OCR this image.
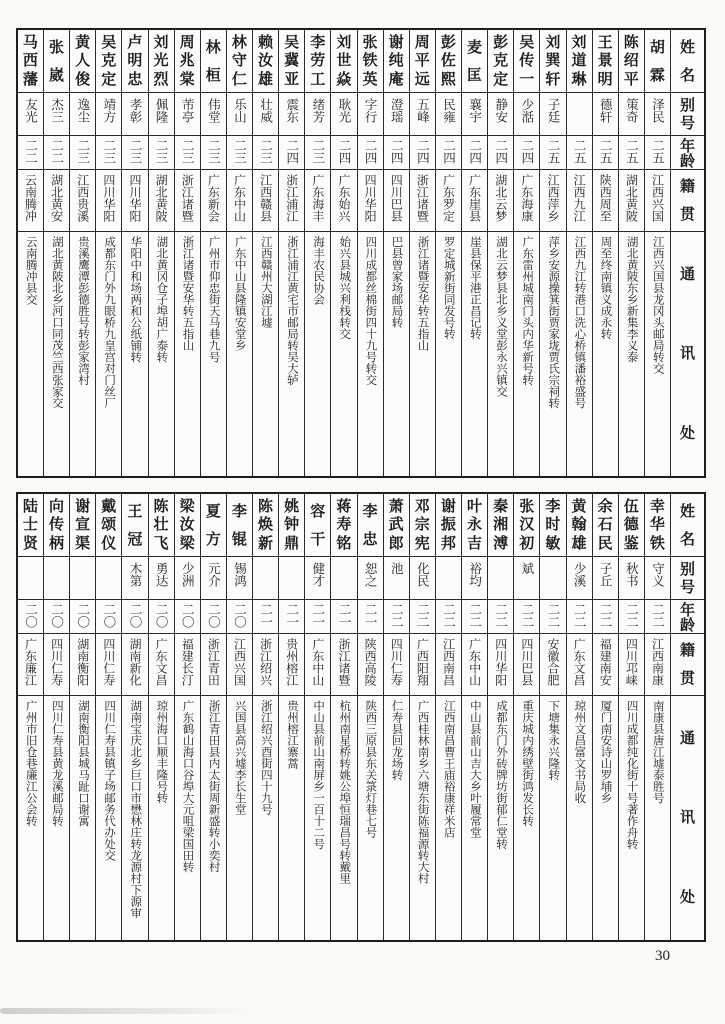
姓
名
别
号
年
龄
籍
贯
通
讯
处
胡
霖
泽民
二五
江西兴国
江西兴国县龙冈头邮局转交
陈
绍
平
策奇
二五
湖北黄陂
湖北黄陂东乡新集李义泰
王
景
明
德轩
二五
陕西周至
周至终南镇义成永转
刘
道
琳
二五
江西九江
江西九江转港口洗心桥镇潘裕盛号
刘
巽
轩
子廷
二五
江西萍乡
萍乡安源操箕街贾家垅贾氏宗祠转
吴
传
一
少湉
二四
广东海康
广东雷州城南门头内华新号转
彭
克
定
静安
二四
湖北云梦
湖北云梦县北乡义堂彭永兴镇交
麦
匡
襄宇
二四
广东崖县
崖县保平港正昌记转
彭
佐
熙
民雍
二四
广东罗定
罗定城新街同发号转
周
平
远
五峰
二四
浙江诸暨
浙江诸暨安华转五指山
谢
纯
庵
澄瑶
二四
四川巴县
巴县曾家场邮局转
张
铁
英
字行
二四
四川华阳
四川成都丝棉街四十九号转交
刘
世
焱
耿光
二四
广东始兴
始兴县城兴利栈转交
李
劳
工
绪芳
二三
广东海丰
海丰农民协会
吴
冀
亚
震东
二四
浙江浦江
浙江浦江黄宅市邮局转吴大轳
赖
汝
雄
壮威
二三
江西赣县
江西赣州大湖江墟
林
守
仁
乐山
二三
广东中山
广东中山县隆镇安堂乡
林
桓
伟堂
二三
广东新会
广州市仰忠街天马巷九号
周
兆
棠
芾亭
二三
浙江诸暨
浙江诸暨安华转五指山
刘
光
烈
佩隆
二三
湖北黄陂
湖北黄冈仓子埠胡广泰转
卢
明
忠
孝彰
二三
四川华阳
华阳中和场两和公纸铺转
吴
克
定
靖方
二三
四川华阳
成都东门外九眼桥九皇宫对门丝厂
黄
人
俊
逸尘
二三
江西贵溪
贵溪鹰潭彭德胜号转彭家湾村
张
崴
杰三
二二
湖北黄安
湖北黄陂北乡河口同茂竺西张家交
马
西
藩
友光
二二
云南腾冲
云南腾冲县交
姓
名
别
号
年
龄
籍
贯
通
讯
处
幸
华
铁
守义
二二
江西南康
南康县唐江墟泰胜号
伍
德
鉴
秋书
二二
四川邛崃
四川成都纯化街十号著作舟转
余
石
民
子丘
二二
福建南安
厦门南安诗山罗埔乡
黄
翰
雄
少溪
二二
广东文昌
琼州文昌富文书局收
李
时
敏
二二
安徽合肥
下塘集永兴隆转
张
汉
初
斌
二二
四川巴县
重庆城内绣壁街鸿发长转
秦
湘
溥
二二
四川华阳
成都东门外砖牌坊街郁仁堂转
叶
永
吉
裕均
二二
广东中山
中山县前山吉大乡叶履常堂
谢
振
邦
二二
江西南昌
江西南昌曹王庙裕康祥米店
邓
宗
宪
化民
二二
广西阳翔
广西桂林南乡六塘东街陈福源转大村
萧
武
郎
池
二二
四川仁寿
仁寿县回龙场转
李
忠
恕之
二一
陕西高陵
陕西三原县东关箓灯巷七号
蒋
寿
铭
二一
浙江诸暨
杭州南星桥转姚公埠恒瑞昌号转戴里
容
干
健才
二一
广东中山
中山县前山南屏乡一百十二号
姚
钟
鼎
二一
贵州榕江
贵州榕江寨蒿
陈
焕
新
二一
浙江绍兴
浙江绍兴酉街四十九号
李
锟
锡鸿
二〇
江西兴国
兴国县高兴墟李长生堂
夏
方
元介
二〇
浙江青田
浙江青田县内太街周新盛转小奕村
梁
汝
梁
少洲
二〇
福建长汀
广东鹤山海口谷埠大元咀梁国田转
陈
壮
飞
勇达
二〇
广东文昌
琼州海口顺丰隆号转
王
冠
木第
二〇
湖南新化
湖南宝庆北乡巨口市懋林庄转龙源村下源审
戴
颂
仪
二〇
四川仁寿
四川仁寿县镇子场邮务代办处交
谢
宣
渠
二〇
湖南衡阳
湖南衡阳县城马趾口谢寓
向
传
柄
二〇
四川仁寿
四川仁寿县黄龙溪邮局转
陆
士
贤
二〇
广东廉江
广州市旧仓巷廉江公会转
30
